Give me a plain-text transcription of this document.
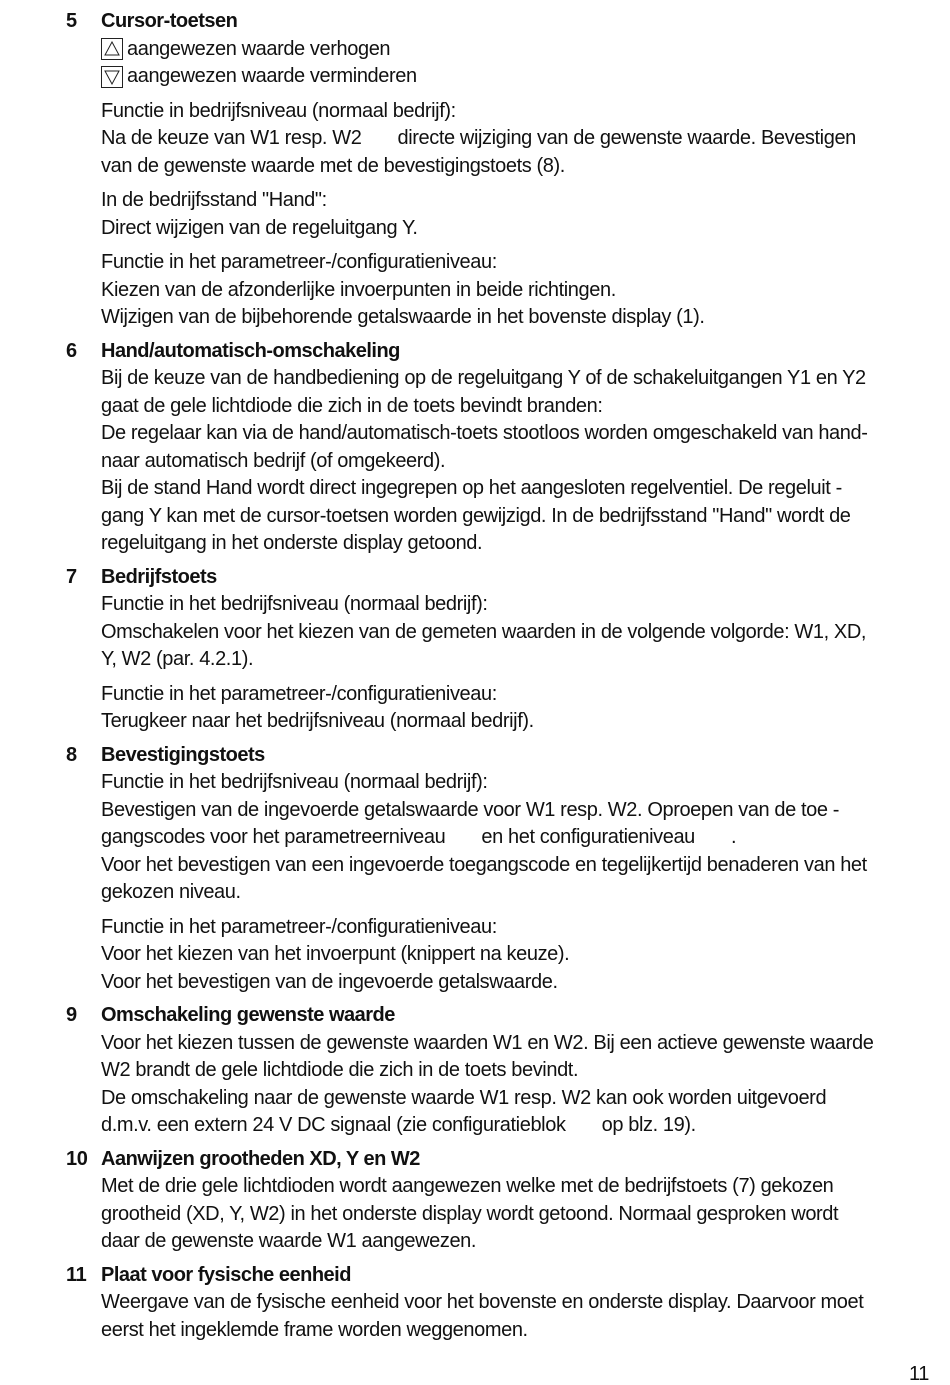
5 Cursor-toetsen
aangewezen waarde verhogen
aangewezen waarde verminderen
Functie in bedrijfsniveau (normaal bedrijf):
Na de keuze van W1 resp. W2       directe wijziging van de gewenste waarde. Bevestigen
van de gewenste waarde met de bevestigingstoets (8).
In de bedrijfsstand "Hand":
Direct wijzigen van de regeluitgang Y.
Functie in het parametreer-/configuratieniveau:
Kiezen van de afzonderlijke invoerpunten in beide richtingen.
Wijzigen van de bijbehorende getalswaarde in het bovenste display (1).
6 Hand/automatisch-omschakeling
Bij de keuze van de handbediening op de regeluitgang Y of de schakeluitgangen Y1 en Y2
gaat de gele lichtdiode die zich in de toets bevindt branden:
De regelaar kan via de hand/automatisch-toets stootloos worden omgeschakeld van hand-
naar automatisch bedrijf (of omgekeerd).
Bij de stand Hand wordt direct ingegrepen op het aangesloten regelventiel. De regeluit -
gang Y kan met de cursor-toetsen worden gewijzigd. In de bedrijfsstand "Hand" wordt de
regeluitgang in het onderste display getoond.
7 Bedrijfstoets
Functie in het bedrijfsniveau (normaal bedrijf):
Omschakelen voor het kiezen van de gemeten waarden in de volgende volgorde: W1, XD,
Y, W2 (par. 4.2.1).
Functie in het parametreer-/configuratieniveau:
Terugkeer naar het bedrijfsniveau (normaal bedrijf).
8 Bevestigingstoets
Functie in het bedrijfsniveau (normaal bedrijf):
Bevestigen van de ingevoerde getalswaarde voor W1 resp. W2. Oproepen van de toe -
gangscodes voor het parametreerniveau       en het configuratieniveau       .
Voor het bevestigen van een ingevoerde toegangscode en tegelijkertijd benaderen van het
gekozen niveau.
Functie in het parametreer-/configuratieniveau:
Voor het kiezen van het invoerpunt (knippert na keuze).
Voor het bevestigen van de ingevoerde getalswaarde.
9 Omschakeling gewenste waarde
Voor het kiezen tussen de gewenste waarden W1 en W2. Bij een actieve gewenste waarde
W2 brandt de gele lichtdiode die zich in de toets bevindt.
De omschakeling naar de gewenste waarde W1 resp. W2 kan ook worden uitgevoerd
d.m.v. een extern 24 V DC signaal (zie configuratieblok       op blz. 19).
10 Aanwijzen grootheden XD, Y en W2
Met de drie gele lichtdioden wordt aangewezen welke met de bedrijfstoets (7) gekozen
grootheid (XD, Y, W2) in het onderste display wordt getoond. Normaal gesproken wordt
daar de gewenste waarde W1 aangewezen.
11 Plaat voor fysische eenheid
Weergave van de fysische eenheid voor het bovenste en onderste display. Daarvoor moet
eerst het ingeklemde frame worden weggenomen.
11
